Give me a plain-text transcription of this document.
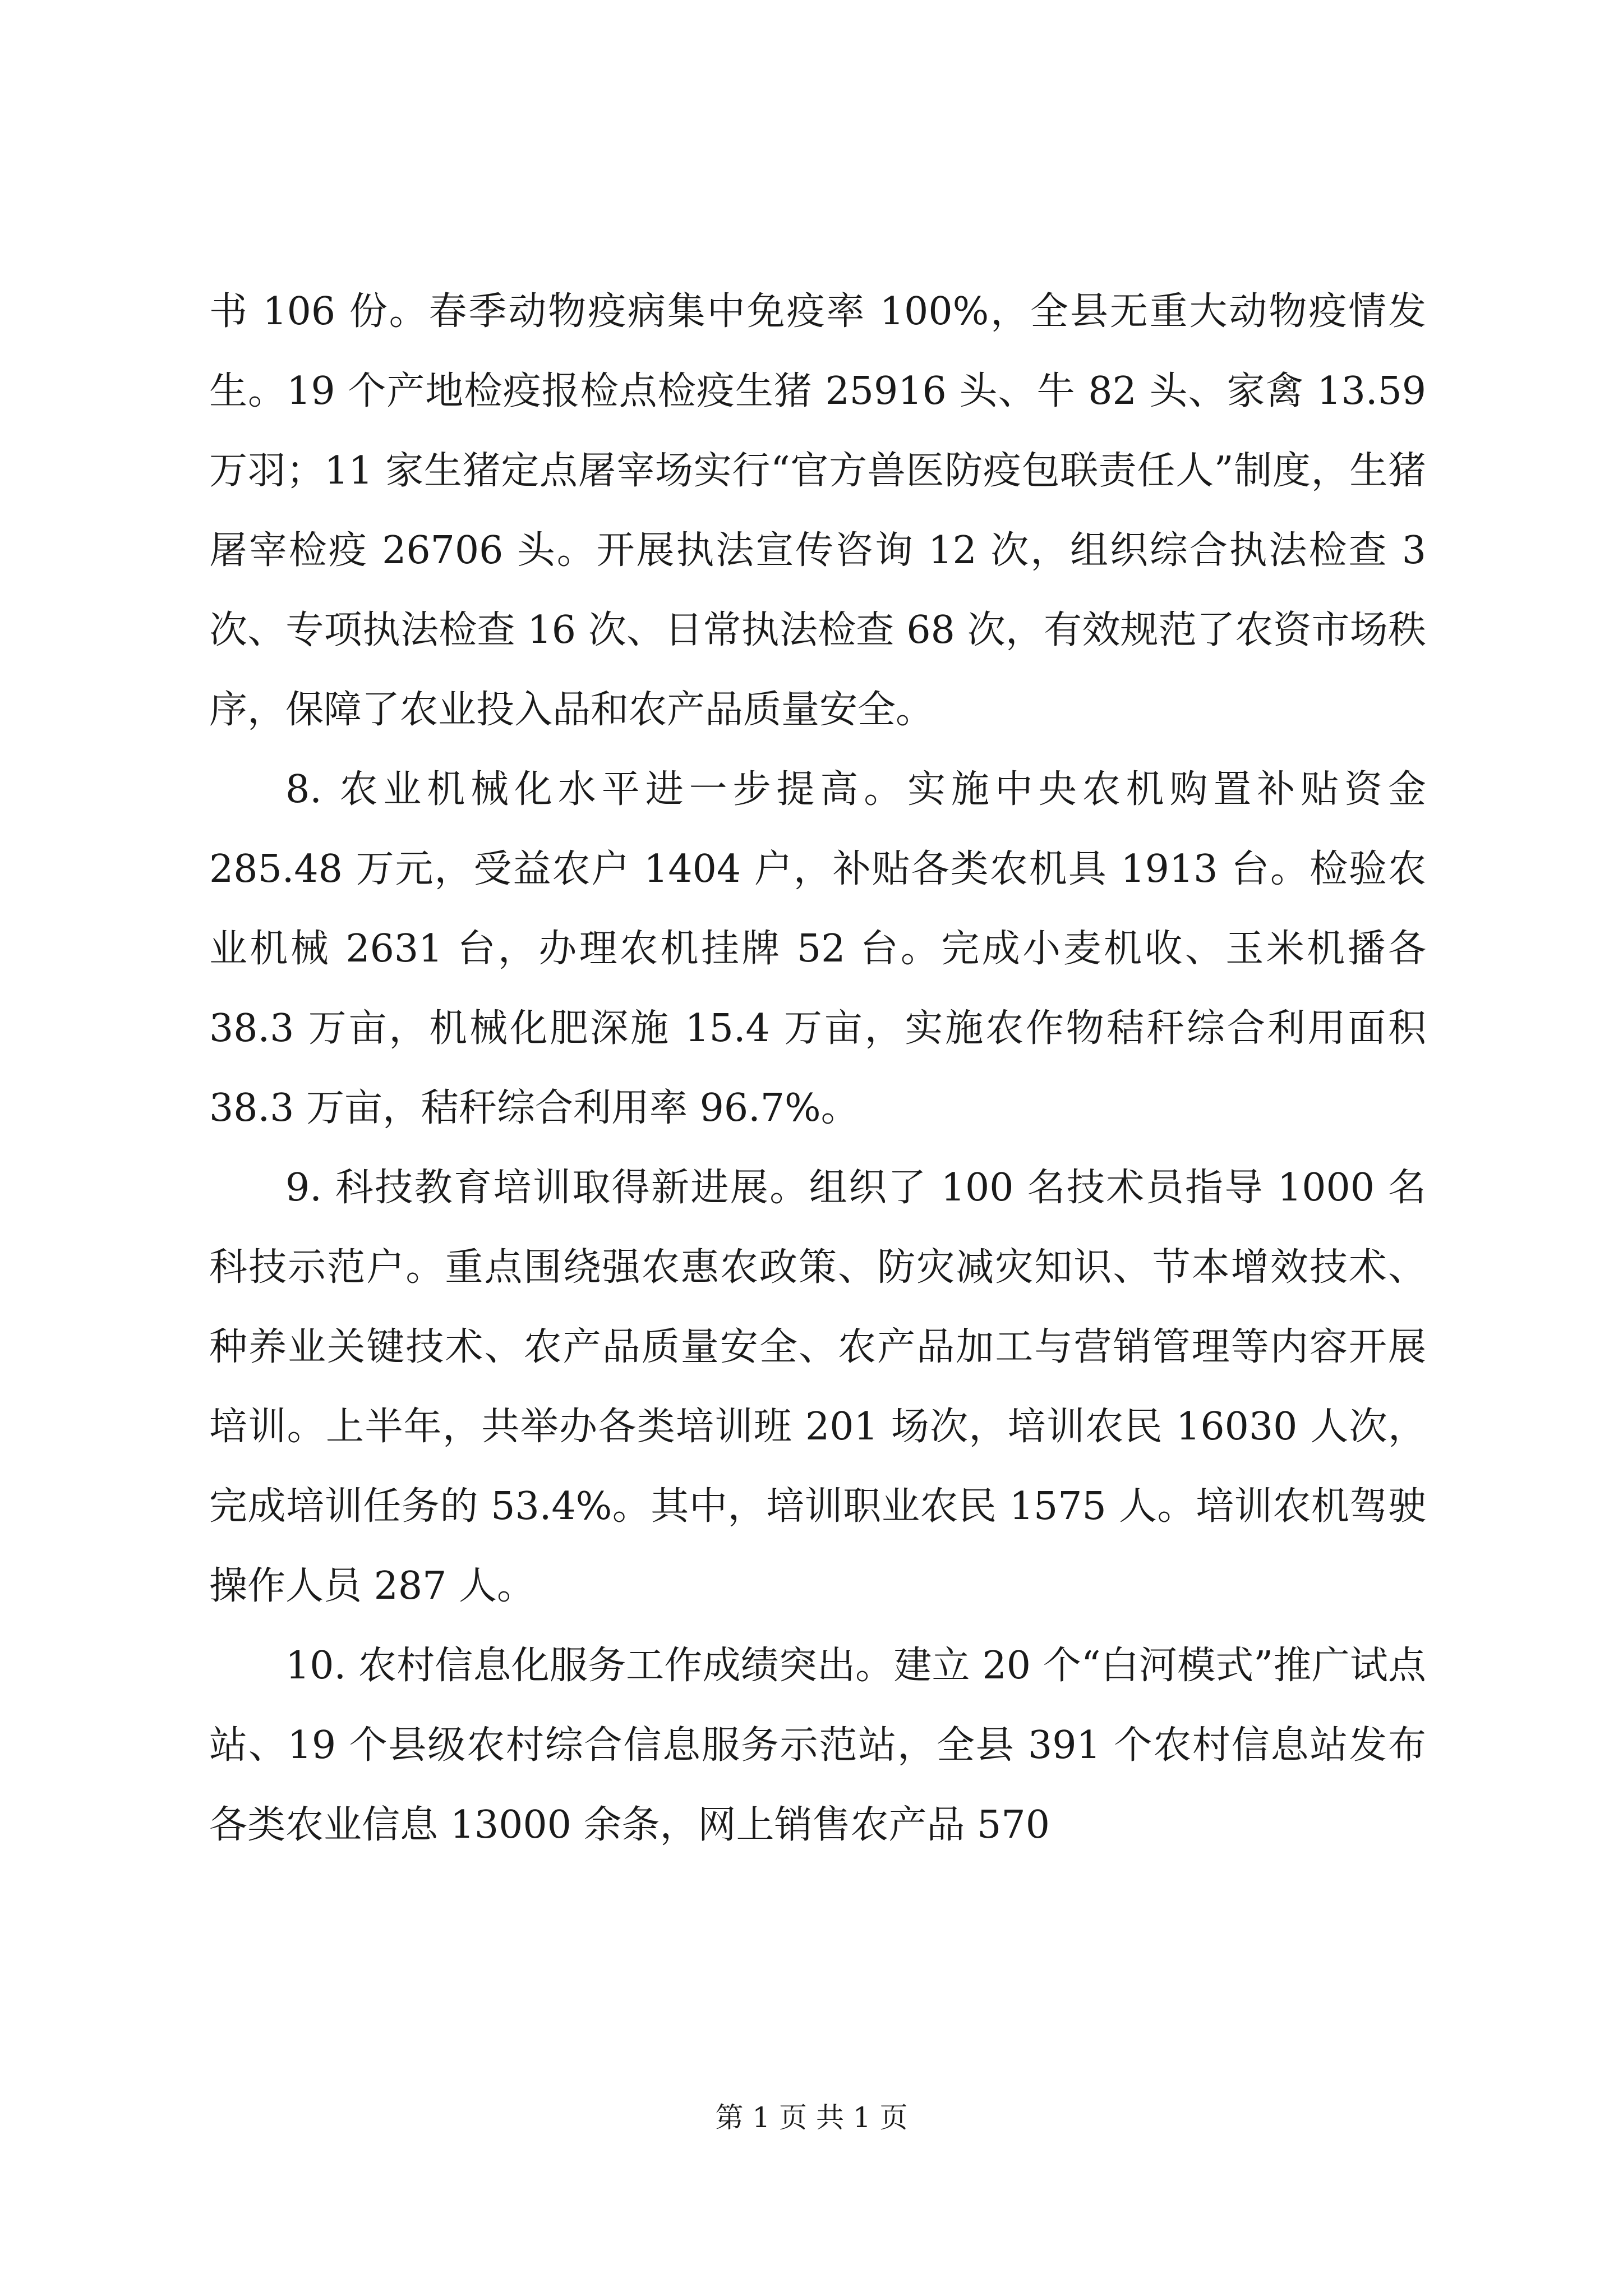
书 106 份。春季动物疫病集中免疫率 100%，全县无重大动物疫情发生。19 个产地检疫报检点检疫生猪 25916 头、牛 82 头、家禽 13.59 万羽；11 家生猪定点屠宰场实行“官方兽医防疫包联责任人”制度，生猪屠宰检疫 26706 头。开展执法宣传咨询 12 次，组织综合执法检查 3 次、专项执法检查 16 次、日常执法检查 68 次，有效规范了农资市场秩序，保障了农业投入品和农产品质量安全。

8. 农业机械化水平进一步提高。实施中央农机购置补贴资金 285.48 万元，受益农户 1404 户，补贴各类农机具 1913 台。检验农业机械 2631 台，办理农机挂牌 52 台。完成小麦机收、玉米机播各 38.3 万亩，机械化肥深施 15.4 万亩，实施农作物秸秆综合利用面积 38.3 万亩，秸秆综合利用率 96.7%。

9. 科技教育培训取得新进展。组织了 100 名技术员指导 1000 名科技示范户。重点围绕强农惠农政策、防灾减灾知识、节本增效技术、种养业关键技术、农产品质量安全、农产品加工与营销管理等内容开展培训。上半年，共举办各类培训班 201 场次，培训农民 16030 人次，完成培训任务的 53.4%。其中，培训职业农民 1575 人。培训农机驾驶操作人员 287 人。

10. 农村信息化服务工作成绩突出。建立 20 个“白河模式”推广试点站、19 个县级农村综合信息服务示范站，全县 391 个农村信息站发布各类农业信息 13000 余条，网上销售农产品 570

第 1 页 共 1 页
